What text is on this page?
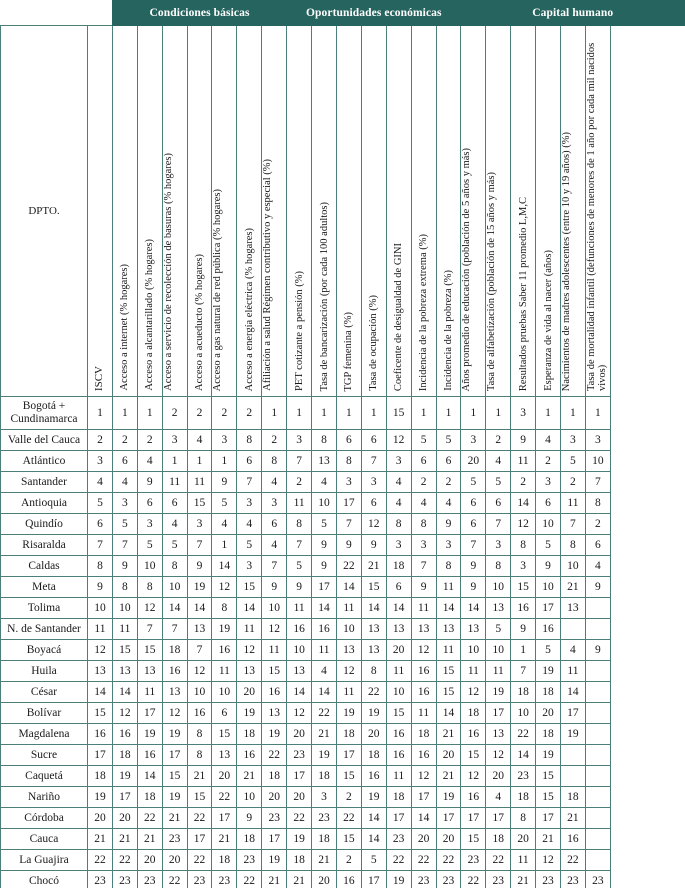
		Condiciones básicas							Oportunidades económicas							Capital humano					
DPTO.	ISCV	Acceso a internet (% hogares)	Acceso a alcantarillado (% hogares)	Acceso a servicio de recolección de basuras (% hogares)	Acceso a acueducto (% hogares)	Acceso a gas natural de red pública (% hogares)	Acceso a energía eléctrica (% hogares)	Afiliación a salud Régimen contributivo y especial (%)	PET cotizante a pensión (%)	Tasa de bancarización (por cada 100 adultos)	TGP femenina (%)	Tasa de ocupación (%)	Coeficente de desigualdad de GINI	Incidencia de la pobreza extrema (%)	Incidencia de la pobreza (%)	Años promedio de educación (población de 5 años y más)	Tasa de alfabetización (población de 15 años y más)	Resultados pruebas Saber 11 promedio L,M,C	Esperanza de vida al nacer (años)	Nacimientos de madres adolescentes (entre 10 y 19 años) (%)	Tasa de mortalidad infantil (defunciones de menores de 1 año por cada mil nacidos vivos)

Bogotá + Cundinamarca	1	1	1	2	2	2	2	1	1	1	1	1	15	1	1	1	1	3	1	1	1
Valle del Cauca	2	2	2	3	4	3	8	2	3	8	6	6	12	5	5	3	2	9	4	3	3
Atlántico	3	6	4	1	1	1	6	8	7	13	8	7	3	6	6	20	4	11	2	5	10
Santander	4	4	9	11	11	9	7	4	2	4	3	3	4	2	2	5	5	2	3	2	7
Antioquia	5	3	6	6	15	5	3	3	11	10	17	6	4	4	4	6	6	14	6	11	8
Quindío	6	5	3	4	3	4	4	6	8	5	7	12	8	8	9	6	7	12	10	7	2
Risaralda	7	7	5	5	7	1	5	4	7	9	9	9	3	3	3	7	3	8	5	8	6
Caldas	8	9	10	8	9	14	3	7	5	9	22	21	18	7	8	9	8	3	9	10	4
Meta	9	8	8	10	19	12	15	9	9	17	14	15	6	9	11	9	10	15	10	21	9
Tolima	10	10	12	14	14	8	14	10	11	14	11	14	14	11	14	14	13	16	17	13	
N. de Santander	11	11	7	7	13	19	11	12	16	16	10	13	13	13	13	13	5	9	16		
Boyacá	12	15	15	18	7	16	12	11	10	11	13	13	20	12	11	10	10	1	5	4	9
Huila	13	13	13	16	12	11	13	15	13	4	12	8	11	16	15	11	11	7	19	11	
César	14	14	11	13	10	10	20	16	14	14	11	22	10	16	15	12	19	18	18	14	
Bolívar	15	12	17	12	16	6	19	13	12	22	19	19	15	11	14	18	17	10	20	17	
Magdalena	16	16	19	19	8	15	18	19	20	21	18	20	16	18	21	16	13	22	18	19	
Sucre	17	18	16	17	8	13	16	22	23	19	17	18	16	16	20	15	12	14	19		
Caquetá	18	19	14	15	21	20	21	18	17	18	15	16	11	12	21	12	20	23	15		
Nariño	19	17	18	19	15	22	10	20	20	3	2	19	18	17	19	16	4	18	15	18	
Córdoba	20	20	22	21	22	17	9	23	22	23	22	14	17	14	17	17	17	8	17	21	
Cauca	21	21	21	23	17	21	18	17	19	18	15	14	23	20	20	15	18	20	21	16	
La Guajira	22	22	20	20	22	18	23	19	18	21	2	5	22	22	22	23	22	11	12	22	
Chocó	23	23	23	22	23	23	22	21	21	20	16	17	19	23	23	22	23	21	23	23	23
